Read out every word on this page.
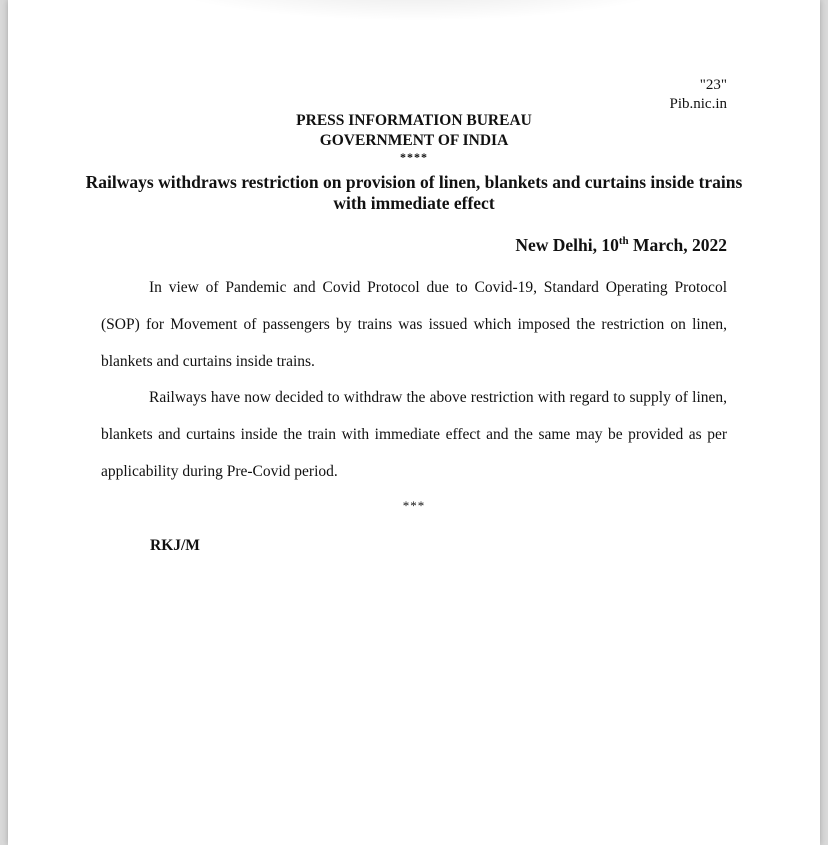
"23"
Pib.nic.in
PRESS INFORMATION BUREAU
GOVERNMENT OF INDIA
****
Railways withdraws restriction on provision of linen, blankets and curtains inside trains with immediate effect
New Delhi, 10th March, 2022

In view of Pandemic and Covid Protocol due to Covid-19, Standard Operating Protocol (SOP) for Movement of passengers by trains was issued which imposed the restriction on linen, blankets and curtains inside trains.

Railways have now decided to withdraw the above restriction with regard to supply of linen, blankets and curtains inside the train with immediate effect and the same may be provided as per applicability during Pre-Covid period.

***
RKJ/M
